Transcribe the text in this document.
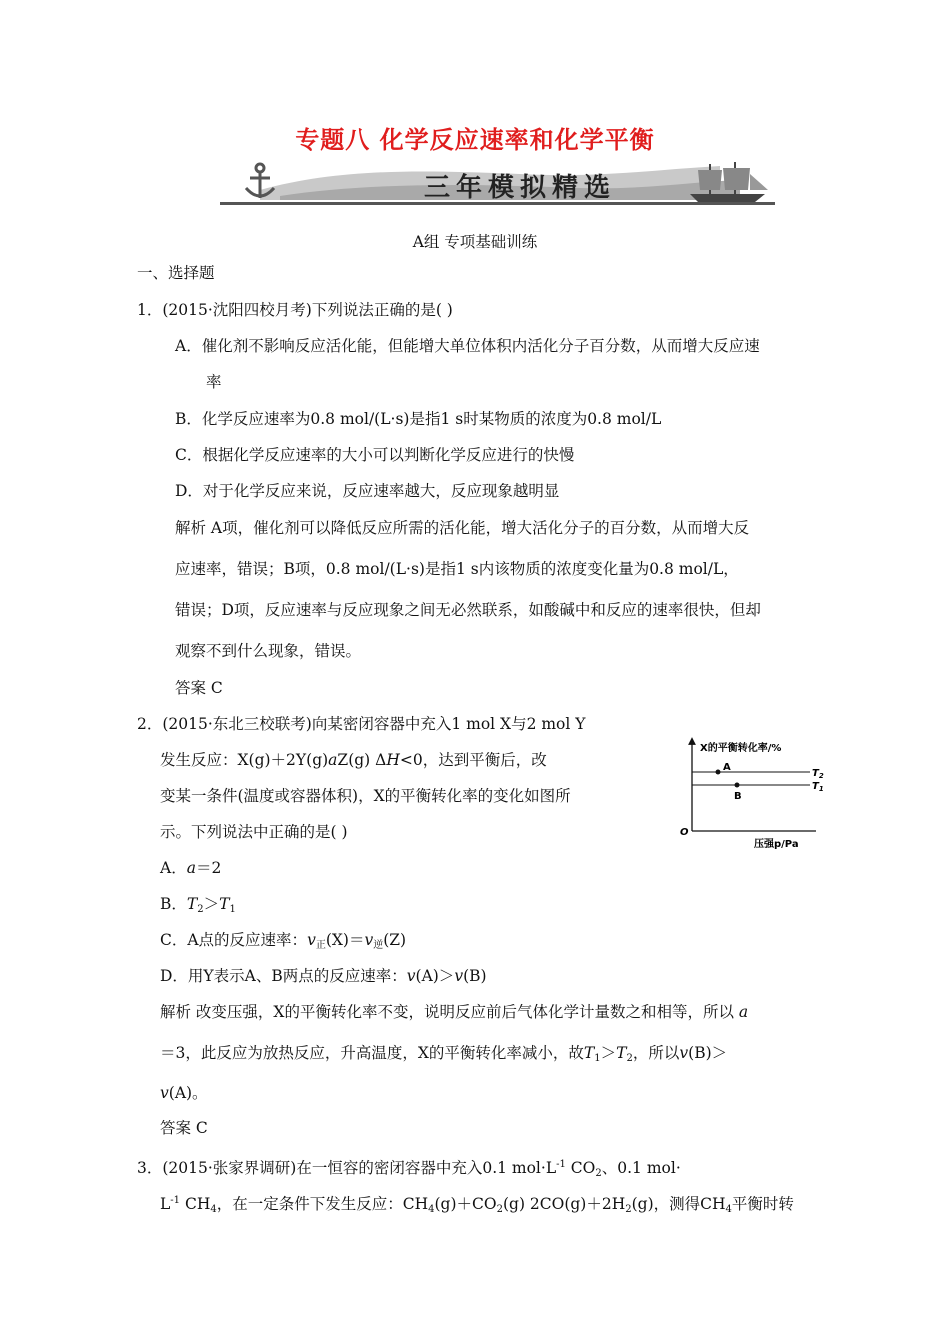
专题八 化学反应速率和化学平衡
三年模拟精选
A组 专项基础训练
一、选择题
1．(2015·沈阳四校月考)下列说法正确的是( )
A．催化剂不影响反应活化能，但能增大单位体积内活化分子百分数，从而增大反应速
率
B．化学反应速率为0.8 mol/(L·s)是指1 s时某物质的浓度为0.8 mol/L
C．根据化学反应速率的大小可以判断化学反应进行的快慢
D．对于化学反应来说，反应速率越大，反应现象越明显
解析 A项，催化剂可以降低反应所需的活化能，增大活化分子的百分数，从而增大反
应速率，错误；B项，0.8 mol/(L·s)是指1 s内该物质的浓度变化量为0.8 mol/L，
错误；D项，反应速率与反应现象之间无必然联系，如酸碱中和反应的速率很快，但却
观察不到什么现象，错误。
答案 C
2．(2015·东北三校联考)向某密闭容器中充入1 mol X与2 mol Y
发生反应：X(g)＋2Y(g)aZ(g) ΔH<0，达到平衡后，改
变某一条件(温度或容器体积)，X的平衡转化率的变化如图所
示。下列说法中正确的是( )
A．a＝2
B．$T_2>T_1$
C．A点的反应速率：$v_正(X)=v_逆(Z)$
D．用Y表示A、B两点的反应速率：v(A)＞v(B)
解析 改变压强，X的平衡转化率不变，说明反应前后气体化学计量数之和相等，所以 a
＝3，此反应为放热反应，升高温度，X的平衡转化率减小，故$T_1>T_2$，所以v(B)＞
v(A)。
答案 C
X的平衡转化率/%
A
B
$T_2$
$T_1$
O
压强p/Pa
3．(2015·张家界调研)在一恒容的密闭容器中充入0.1 $mol\cdot L^{-1}$ $CO_2$、0.1 mol·
$L^{-1}$ $CH_4$，在一定条件下发生反应：$CH_4(g)+CO_2(g)$ $2CO(g)+2H_2(g)$，测得$CH_4$平衡时转
